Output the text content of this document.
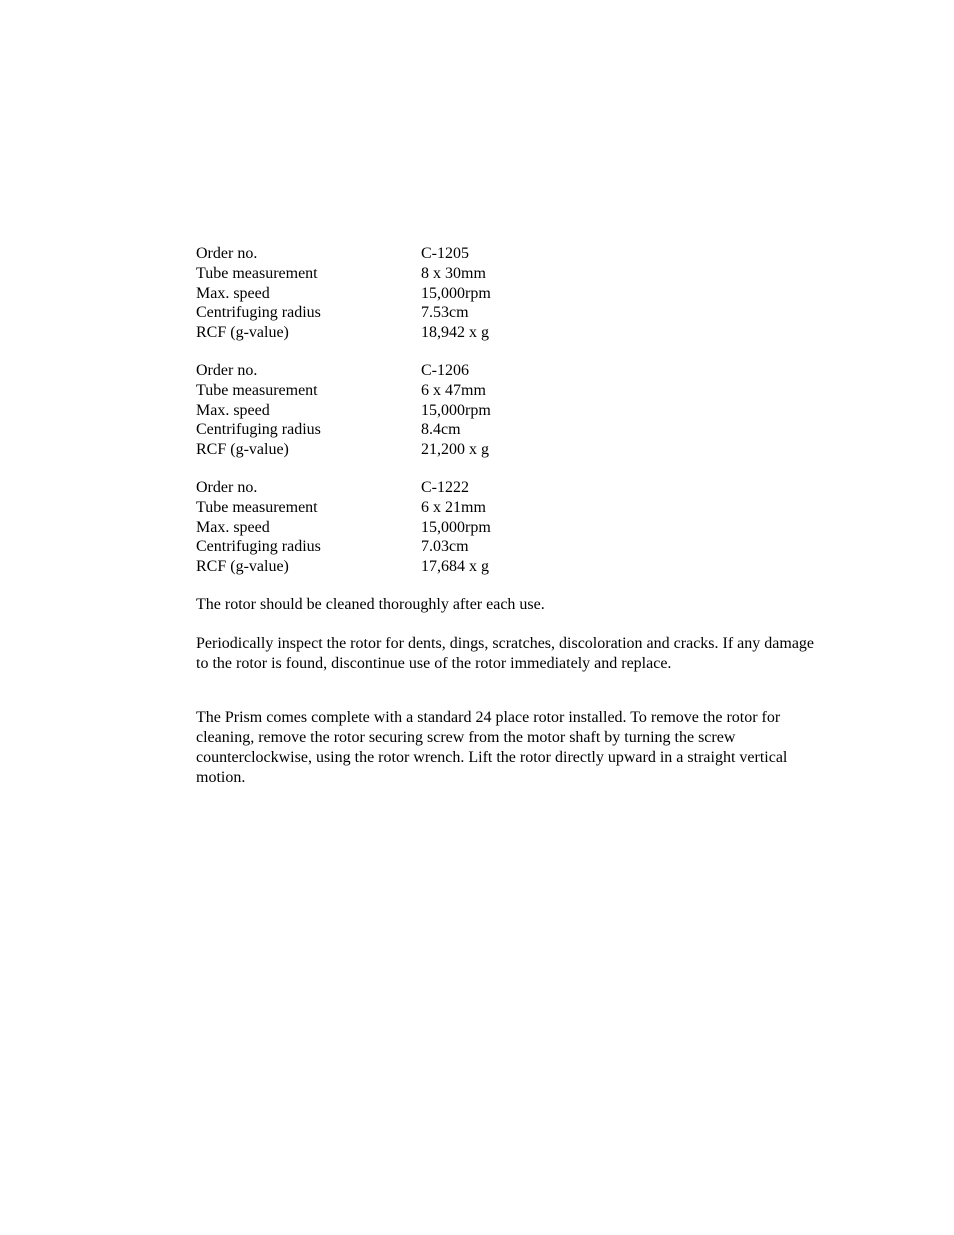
Order no.	C-1205
Tube measurement	8 x 30mm
Max. speed	15,000rpm
Centrifuging radius	7.53cm
RCF (g-value)	18,942 x g
Order no.	C-1206
Tube measurement	6 x 47mm
Max. speed	15,000rpm
Centrifuging radius	8.4cm
RCF (g-value)	21,200 x g
Order no.	C-1222
Tube measurement	6 x 21mm
Max. speed	15,000rpm
Centrifuging radius	7.03cm
RCF (g-value)	17,684 x g

The rotor should be cleaned thoroughly after each use.

Periodically inspect the rotor for dents, dings, scratches, discoloration and cracks. If any damage to the rotor is found, discontinue use of the rotor immediately and replace.

The Prism comes complete with a standard 24 place rotor installed. To remove the rotor for cleaning, remove the rotor securing screw from the motor shaft by turning the screw counterclockwise, using the rotor wrench. Lift the rotor directly upward in a straight vertical motion.
